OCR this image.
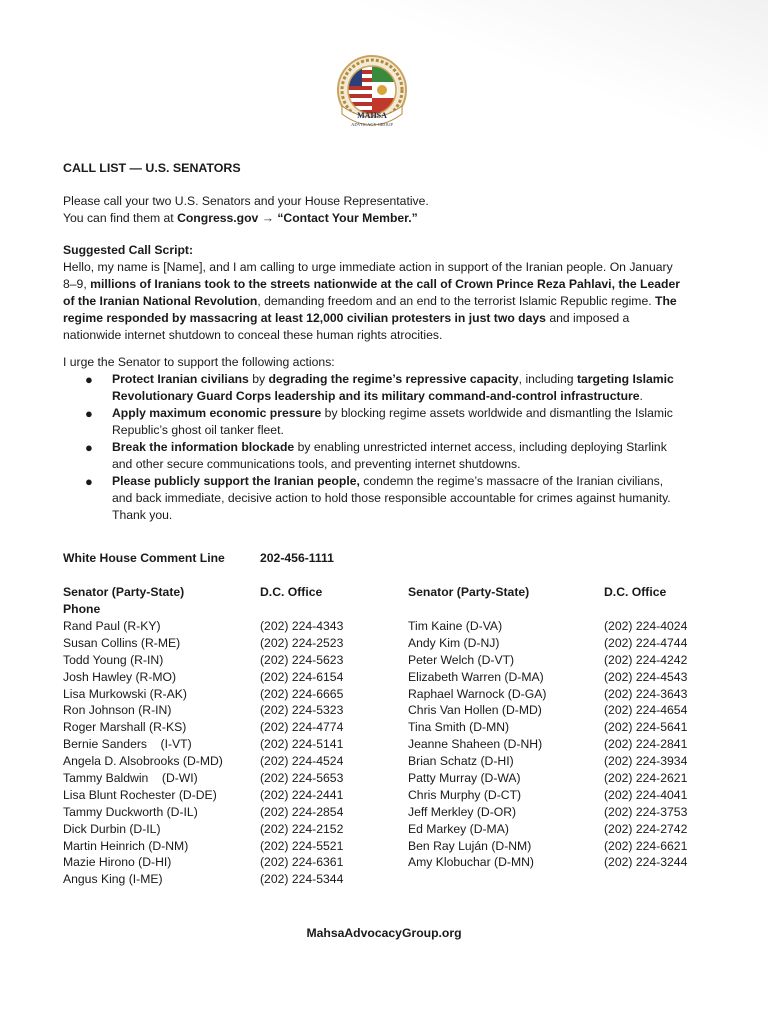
MAHSA
ADVOCACY GROUP
CALL LIST — U.S. SENATORS
Please call your two U.S. Senators and your House Representative.
You can find them at Congress.gov → “Contact Your Member.”
Suggested Call Script:
Hello, my name is [Name], and I am calling to urge immediate action in support of the Iranian people. On January 8–9, millions of Iranians took to the streets nationwide at the call of Crown Prince Reza Pahlavi, the Leader of the Iranian National Revolution, demanding freedom and an end to the terrorist Islamic Republic regime. The regime responded by massacring at least 12,000 civilian protesters in just two days and imposed a nationwide internet shutdown to conceal these human rights atrocities.
I urge the Senator to support the following actions:
● Protect Iranian civilians by degrading the regime’s repressive capacity, including targeting Islamic Revolutionary Guard Corps leadership and its military command-and-control infrastructure.
● Apply maximum economic pressure by blocking regime assets worldwide and dismantling the Islamic Republic’s ghost oil tanker fleet.
● Break the information blockade by enabling unrestricted internet access, including deploying Starlink and other secure communications tools, and preventing internet shutdowns.
● Please publicly support the Iranian people, condemn the regime’s massacre of the Iranian civilians, and back immediate, decisive action to hold those responsible accountable for crimes against humanity. Thank you.
White House Comment Line	202-456-1111
Senator (Party-State)	D.C. Office
Phone
Rand Paul (R-KY)	(202) 224-4343
Susan Collins (R-ME)	(202) 224-2523
Todd Young (R-IN)	(202) 224-5623
Josh Hawley (R-MO)	(202) 224-6154
Lisa Murkowski (R-AK)	(202) 224-6665
Ron Johnson (R-IN)	(202) 224-5323
Roger Marshall (R-KS)	(202) 224-4774
Bernie Sanders    (I-VT)	(202) 224-5141
Angela D. Alsobrooks (D-MD)	(202) 224-4524
Tammy Baldwin    (D-WI)	(202) 224-5653
Lisa Blunt Rochester (D-DE)	(202) 224-2441
Tammy Duckworth (D-IL)	(202) 224-2854
Dick Durbin (D-IL)	(202) 224-2152
Martin Heinrich (D-NM)	(202) 224-5521
Mazie Hirono (D-HI)	(202) 224-6361
Angus King (I-ME)	(202) 224-5344
Senator (Party-State)	D.C. Office
Tim Kaine (D-VA)	(202) 224-4024
Andy Kim (D-NJ)	(202) 224-4744
Peter Welch (D-VT)	(202) 224-4242
Elizabeth Warren (D-MA)	(202) 224-4543
Raphael Warnock (D-GA)	(202) 224-3643
Chris Van Hollen (D-MD)	(202) 224-4654
Tina Smith (D-MN)	(202) 224-5641
Jeanne Shaheen (D-NH)	(202) 224-2841
Brian Schatz (D-HI)	(202) 224-3934
Patty Murray (D-WA)	(202) 224-2621
Chris Murphy (D-CT)	(202) 224-4041
Jeff Merkley (D-OR)	(202) 224-3753
Ed Markey (D-MA)	(202) 224-2742
Ben Ray Luján (D-NM)	(202) 224-6621
Amy Klobuchar (D-MN)	(202) 224-3244
MahsaAdvocacyGroup.org
